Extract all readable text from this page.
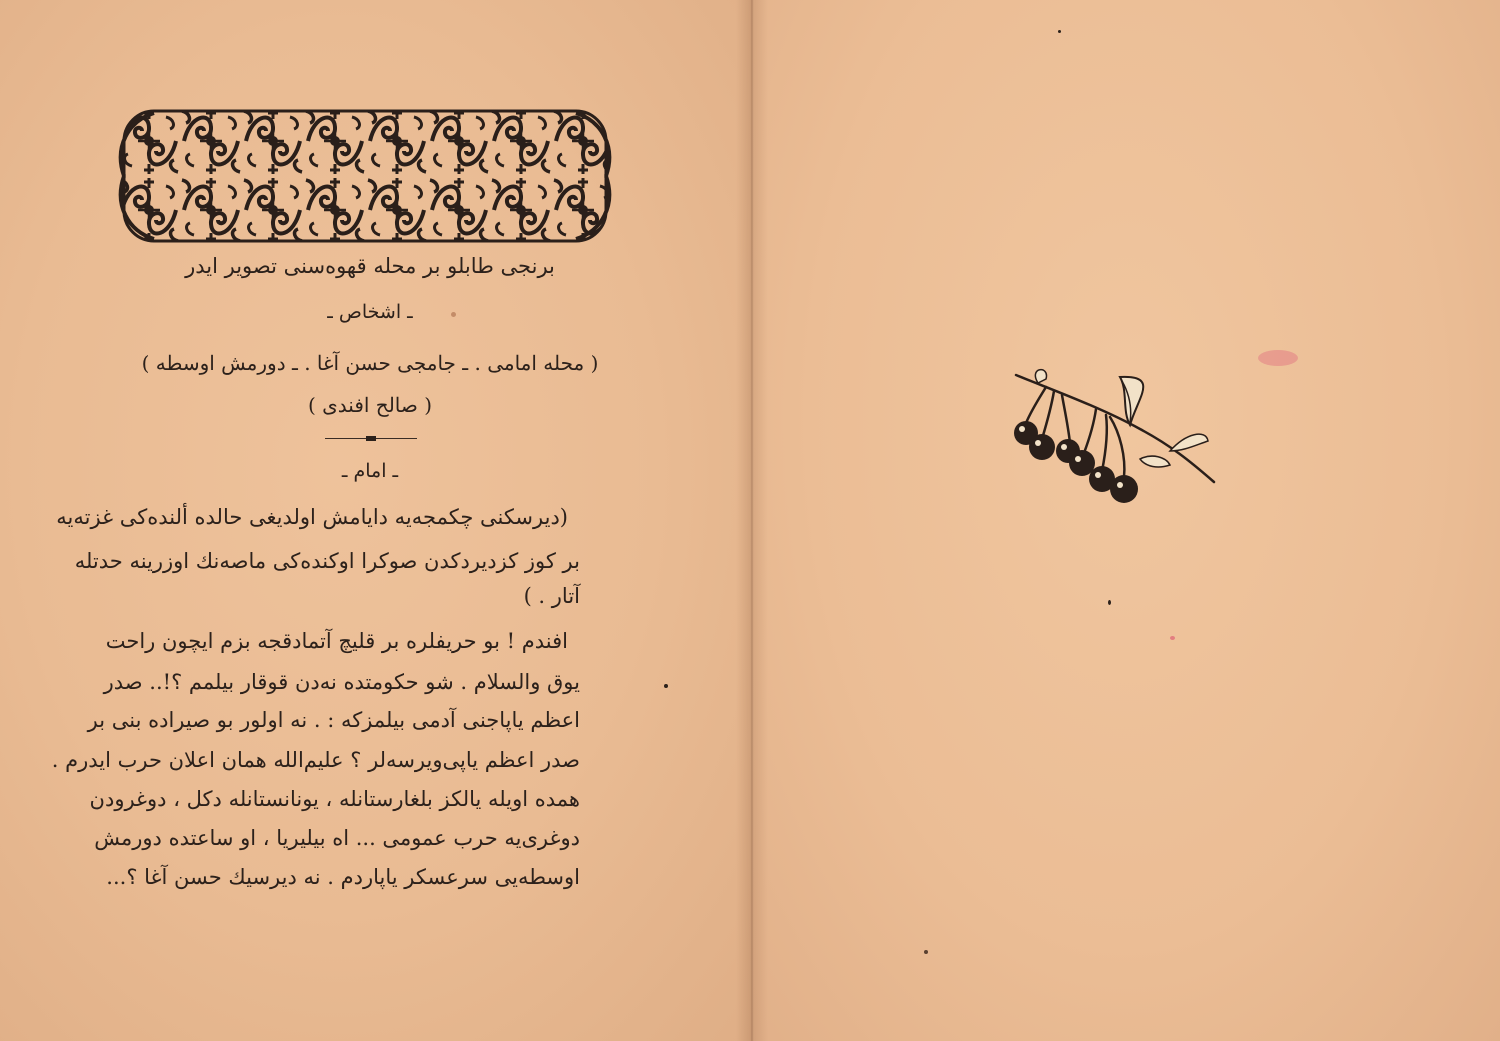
برنجی طابلو بر محله قهوه‌سنی تصویر ایدر
ـ اشخاص ـ
( محله امامی . ـ جامجی حسن آغا . ـ دورمش اوسطه )
( صالح افندی )
ـ امام ـ
(دیرسکنی چکمجه‌یه دایامش اولدیغی حالده ألنده‌کی غزته‌یه
بر کوز کزدیردکدن صوکرا اوکنده‌کی ماصه‌نك اوزرینه حدتله
آتار . )
افندم ! بو حریفلره بر قلیچ آتمادقجه بزم ایچون راحت
یوق والسلام . شو حکومتده نه‌دن قوقار بیلمم ؟!.. صدر
اعظم یاپاجنی آدمی بیلمزکه : . نه اولور بو صیراده بنی بر
صدر اعظم یاپی‌ویرسه‌لر ؟ علیم‌الله همان اعلان حرب ایدرم .
همده اویله یالکز بلغارستانله ، یونانستانله دکل ، دوغرودن
دوغری‌یه حرب عمومی ... اه بیلیریا ، او ساعتده دورمش
اوسطه‌یی سرعسکر یاپاردم . نه دیرسیك حسن آغا ؟...
